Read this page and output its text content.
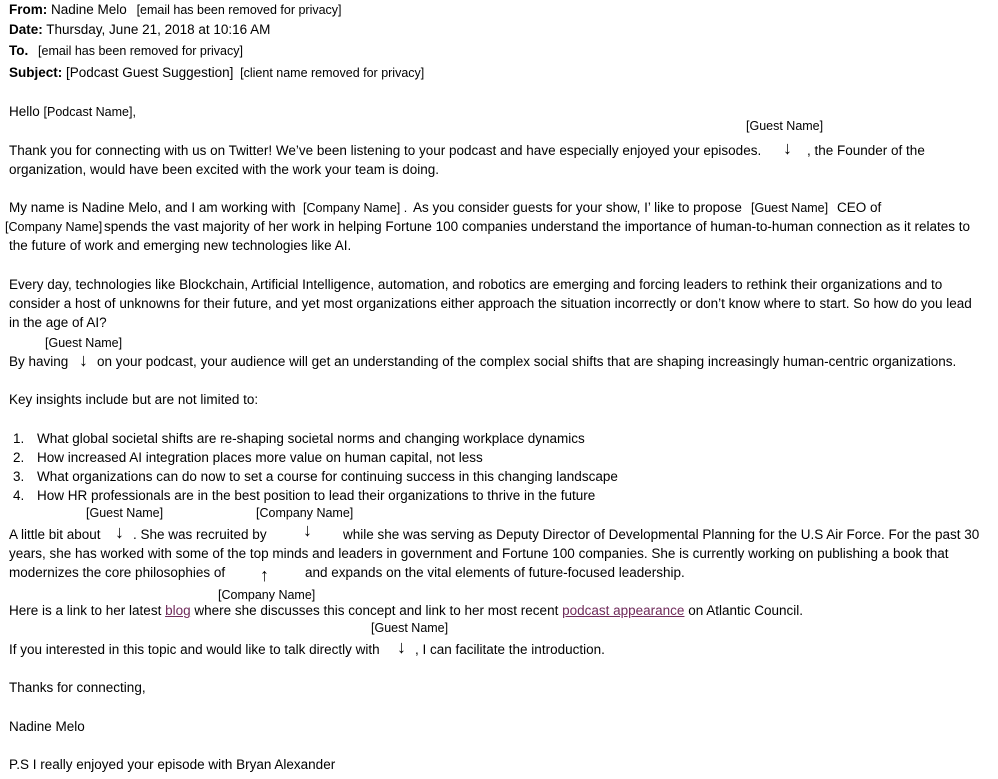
From: Nadine Melo [email has been removed for privacy]
Date: Thursday, June 21, 2018 at 10:16 AM
To. [email has been removed for privacy]
Subject: [Podcast Guest Suggestion] [client name removed for privacy]
Hello [Podcast Name],
[Guest Name]
Thank you for connecting with us on Twitter! We’ve been listening to your podcast and have especially enjoyed your episodes. ↓ , the Founder of the
organization, would have been excited with the work your team is doing.
My name is Nadine Melo, and I am working with [Company Name] . As you consider guests for your show, I’ like to propose [Guest Name] CEO of
[Company Name] spends the vast majority of her work in helping Fortune 100 companies understand the importance of human-to-human connection as it relates to
the future of work and emerging new technologies like AI.
Every day, technologies like Blockchain, Artificial Intelligence, automation, and robotics are emerging and forcing leaders to rethink their organizations and to
consider a host of unknowns for their future, and yet most organizations either approach the situation incorrectly or don’t know where to start. So how do you lead
in the age of AI?
[Guest Name]
By having ↓ on your podcast, your audience will get an understanding of the complex social shifts that are shaping increasingly human-centric organizations.
Key insights include but are not limited to:
1. What global societal shifts are re-shaping societal norms and changing workplace dynamics
2. How increased AI integration places more value on human capital, not less
3. What organizations can do now to set a course for continuing success in this changing landscape
4. How HR professionals are in the best position to lead their organizations to thrive in the future
[Guest Name]	[Company Name]
A little bit about ↓ . She was recruited by ↓ while she was serving as Deputy Director of Developmental Planning for the U.S Air Force. For the past 30
years, she has worked with some of the top minds and leaders in government and Fortune 100 companies. She is currently working on publishing a book that
modernizes the core philosophies of ↑	and expands on the vital elements of future-focused leadership.
[Company Name]
Here is a link to her latest blog where she discusses this concept and link to her most recent podcast appearance on Atlantic Council.
[Guest Name]
If you interested in this topic and would like to talk directly with ↓ , I can facilitate the introduction.
Thanks for connecting,
Nadine Melo
P.S I really enjoyed your episode with Bryan Alexander
